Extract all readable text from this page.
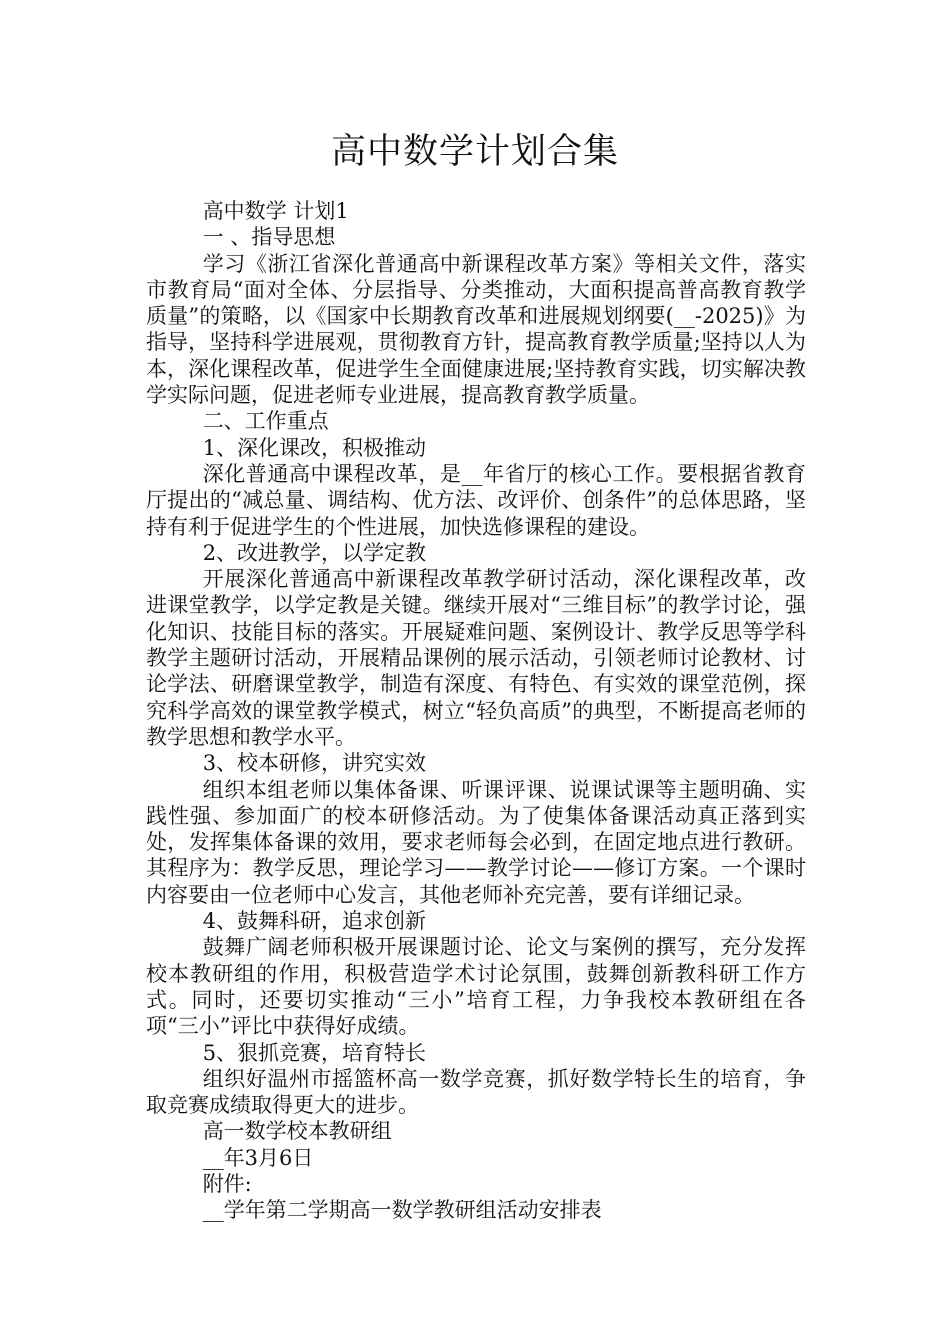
高中数学计划合集

高中数学 计划1

一 、指导思想

学习《浙江省深化普通高中新课程改革方案》等相关文件，落实市教育局“面对全体、分层指导、分类推动，大面积提高普高教育教学质量”的策略，以《国家中长期教育改革和进展规划纲要(__-2025)》为指导，坚持科学进展观，贯彻教育方针，提高教育教学质量;坚持以人为本，深化课程改革，促进学生全面健康进展;坚持教育实践，切实解决教学实际问题，促进老师专业进展，提高教育教学质量。

二、工作重点

1、深化课改，积极推动

深化普通高中课程改革，是__年省厅的核心工作。要根据省教育厅提出的“减总量、调结构、优方法、改评价、创条件”的总体思路，坚持有利于促进学生的个性进展，加快选修课程的建设。

2、改进教学，以学定教

开展深化普通高中新课程改革教学研讨活动，深化课程改革，改进课堂教学，以学定教是关键。继续开展对“三维目标”的教学讨论，强化知识、技能目标的落实。开展疑难问题、案例设计、教学反思等学科教学主题研讨活动，开展精品课例的展示活动，引领老师讨论教材、讨论学法、研磨课堂教学，制造有深度、有特色、有实效的课堂范例，探究科学高效的课堂教学模式，树立“轻负高质”的典型，不断提高老师的教学思想和教学水平。

3、校本研修，讲究实效

组织本组老师以集体备课、听课评课、说课试课等主题明确、实践性强、参加面广的校本研修活动。为了使集体备课活动真正落到实处，发挥集体备课的效用，要求老师每会必到，在固定地点进行教研。其程序为：教学反思，理论学习——教学讨论——修订方案。一个课时内容要由一位老师中心发言，其他老师补充完善，要有详细记录。

4、鼓舞科研，追求创新

鼓舞广阔老师积极开展课题讨论、论文与案例的撰写，充分发挥校本教研组的作用，积极营造学术讨论氛围，鼓舞创新教科研工作方式。同时，还要切实推动“三小”培育工程，力争我校本教研组在各项“三小”评比中获得好成绩。

5、狠抓竞赛，培育特长

组织好温州市摇篮杯高一数学竞赛，抓好数学特长生的培育，争取竞赛成绩取得更大的进步。

高一数学校本教研组

__年3月6日

附件:

__学年第二学期高一数学教研组活动安排表
